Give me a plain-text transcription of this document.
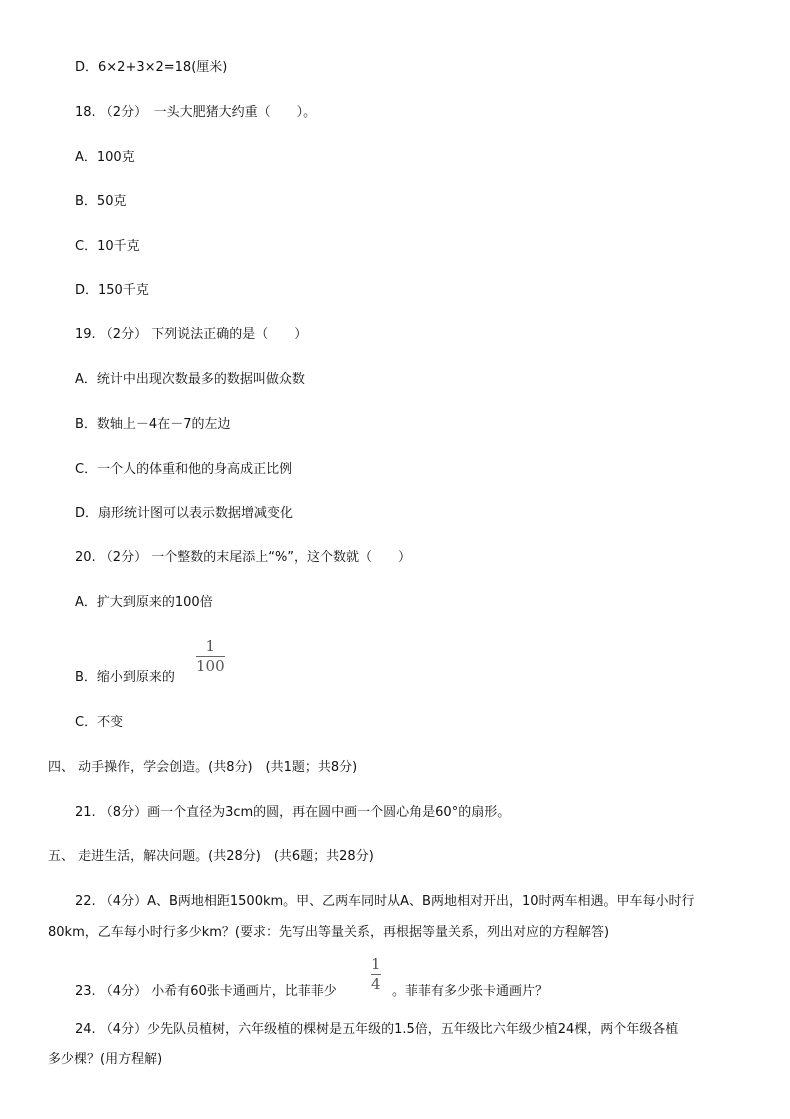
D．6×2+3×2=18(厘米)
18. （2分）　一头大肥猪大约重（　　）。
A．100克
B．50克
C．10千克
D．150千克
19. （2分） 下列说法正确的是（　　）
A．统计中出现次数最多的数据叫做众数
B．数轴上－4在－7的左边
C．一个人的体重和他的身高成正比例
D．扇形统计图可以表示数据增减变化
20. （2分） 一个整数的末尾添上“%”，这个数就（　　）
A．扩大到原来的100倍
B．缩小到原来的
1
100
C．不变
四、 动手操作，学会创造。(共8分)　(共1题；共8分)
21. （8分）画一个直径为3cm的圆，再在圆中画一个圆心角是60°的扇形。
五、 走进生活，解决问题。(共28分)　(共6题；共28分)
22. （4分）A、B两地相距1500km。甲、乙两车同时从A、B两地相对开出，10时两车相遇。甲车每小时行
80km，乙车每小时行多少km？(要求：先写出等量关系，再根据等量关系，列出对应的方程解答)
23. （4分） 小希有60张卡通画片，比菲菲少
1
4 。菲菲有多少张卡通画片？
24. （4分）少先队员植树，六年级植的棵树是五年级的1.5倍，五年级比六年级少植24棵，两个年级各植
多少棵？(用方程解)
